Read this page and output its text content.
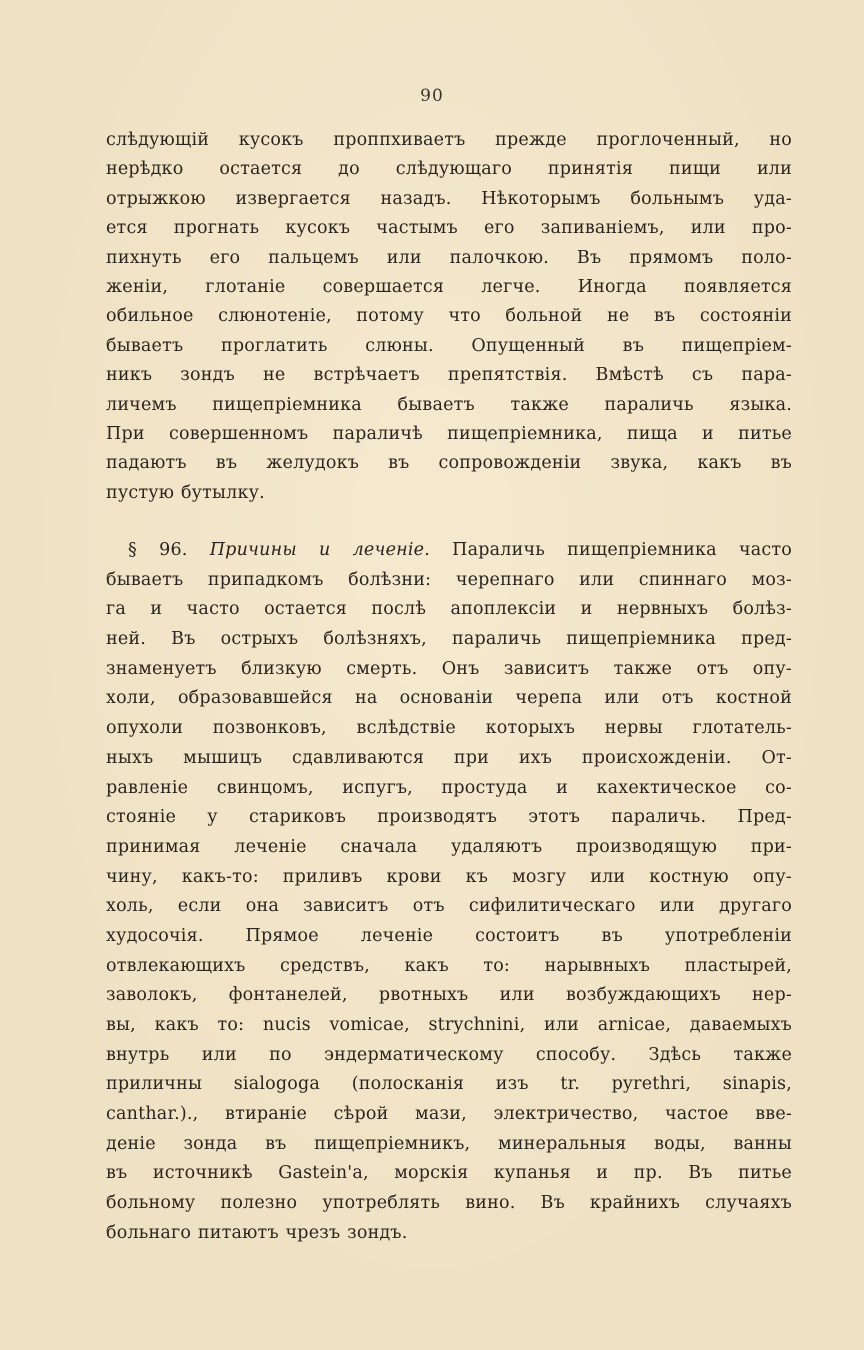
90
слѣдующій кусокъ проппхиваетъ прежде проглоченный, но
нерѣдко остается до слѣдующаго принятія пищи или
отрыжкою извергается назадъ. Нѣкоторымъ больнымъ уда-
ется прогнать кусокъ частымъ его запиваніемъ, или про-
пихнуть его пальцемъ или палочкою. Въ прямомъ поло-
женіи, глотаніе совершается легче. Иногда появляется
обильное слюнотеніе, потому что больной не въ состояніи
бываетъ проглатить слюны. Опущенный въ пищепріем-
никъ зондъ не встрѣчаетъ препятствія. Вмѣстѣ съ пара-
личемъ пищепріемника бываетъ также параличь языка.
При совершенномъ параличѣ пищепріемника, пища и питье
падаютъ въ желудокъ въ сопровожденіи звука, какъ въ
пустую бутылку.
§ 96. Причины и леченіе. Параличь пищепріемника часто
бываетъ припадкомъ болѣзни: черепнаго или спиннаго моз-
га и часто остается послѣ апоплексіи и нервныхъ болѣз-
ней. Въ острыхъ болѣзняхъ, параличь пищепріемника пред-
знаменуетъ близкую смерть. Онъ зависитъ также отъ опу-
холи, образовавшейся на основаніи черепа или отъ костной
опухоли позвонковъ, вслѣдствіе которыхъ нервы глотатель-
ныхъ мышицъ сдавливаются при ихъ происхожденіи. От-
равленіе свинцомъ, испугъ, простуда и кахектическое со-
стояніе у стариковъ производятъ этотъ параличь. Пред-
принимая леченіе сначала удаляютъ производящую при-
чину, какъ-то: приливъ крови къ мозгу или костную опу-
холь, если она зависитъ отъ сифилитическаго или другаго
худосочія. Прямое леченіе состоитъ въ употребленіи
отвлекающихъ средствъ, какъ то: нарывныхъ пластырей,
заволокъ, фонтанелей, рвотныхъ или возбуждающихъ нер-
вы, какъ то: nucis vomicae, strychnini, или arnicae, даваемыхъ
внутрь или по эндерматическому способу. Здѣсь также
приличны sialogoga (полосканія изъ tr. pyrethri, sinapis,
canthar.)., втираніе сѣрой мази, электричество, частое вве-
деніе зонда въ пищепріемникъ, минеральныя воды, ванны
въ источникѣ Gastein'a, морскія купанья и пр. Въ питье
больному полезно употреблять вино. Въ крайнихъ случаяхъ
больнаго питаютъ чрезъ зондъ.
